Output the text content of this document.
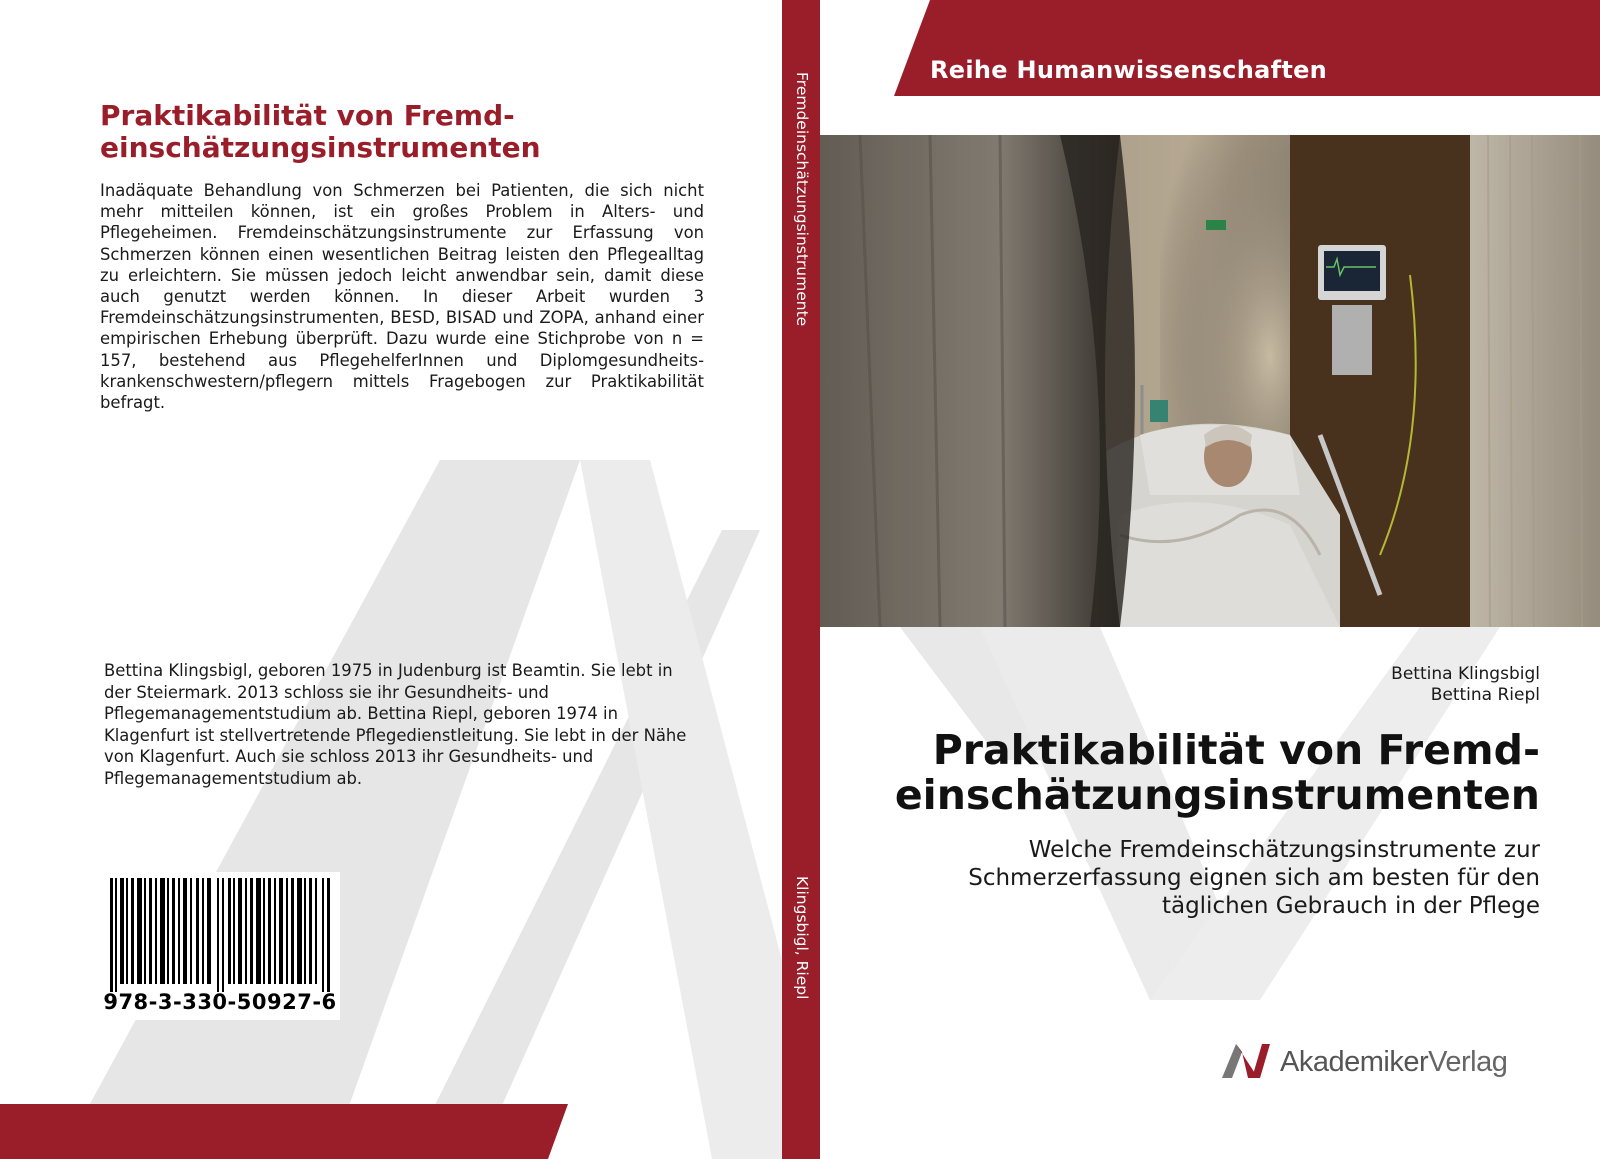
Praktikabilität von Fremd-einschätzungsinstrumenten

Inadäquate Behandlung von Schmerzen bei Patienten, die sich nicht mehr mitteilen können, ist ein großes Problem in Alters- und Pflegeheimen. Fremdeinschätzungsinstrumente zur Erfassung von Schmerzen können einen wesentlichen Beitrag leisten den Pflegealltag zu erleichtern. Sie müssen jedoch leicht anwendbar sein, damit diese auch genutzt werden können. In dieser Arbeit wurden 3 Fremdeinschätzungsinstrumenten, BESD, BISAD und ZOPA, anhand einer empirischen Erhebung überprüft. Dazu wurde eine Stichprobe von n = 157, bestehend aus PflegehelferInnen und Diplomgesundheits-krankenschwestern/pflegern mittels Fragebogen zur Praktikabilität befragt.

Bettina Klingsbigl, geboren 1975 in Judenburg ist Beamtin. Sie lebt in der Steiermark. 2013 schloss sie ihr Gesundheits- und Pflegemanagementstudium ab. Bettina Riepl, geboren 1974 in Klagenfurt ist stellvertretende Pflegedienstleitung. Sie lebt in der Nähe von Klagenfurt. Auch sie schloss 2013 ihr Gesundheits- und Pflegemanagementstudium ab.

978-3-330-50927-6
Fremdeinschätzungsinstrumente
Klingsbigl, Riepl
Reihe Humanwissenschaften
Bettina Klingsbigl
Bettina Riepl
Praktikabilität von Fremd-
einschätzungsinstrumenten

Welche Fremdeinschätzungsinstrumente zur
Schmerzerfassung eignen sich am besten für den
täglichen Gebrauch in der Pflege

AkademikerVerlag
